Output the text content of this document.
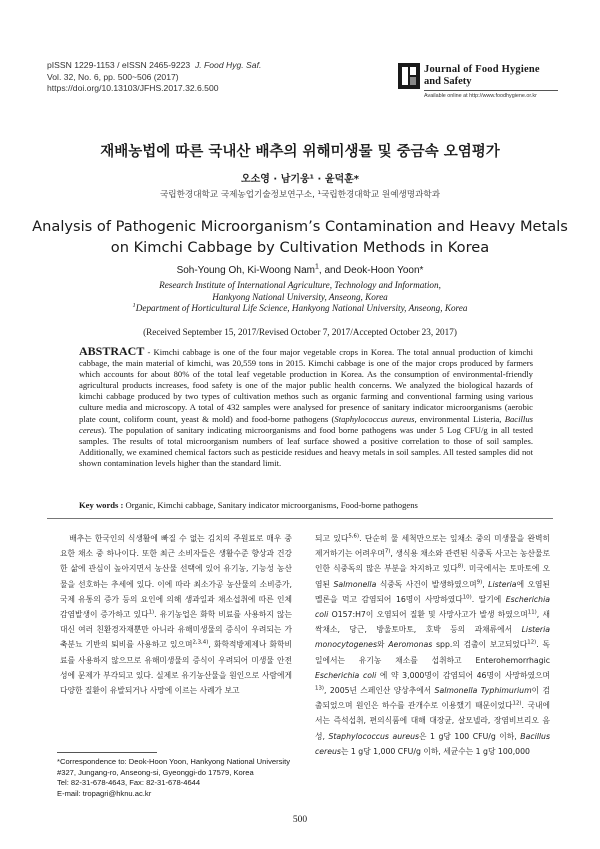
pISSN 1229-1153 / eISSN 2465-9223 J. Food Hyg. Saf.
Vol. 32, No. 6, pp. 500~506 (2017)
https://doi.org/10.13103/JFHS.2017.32.6.500
Journal of Food Hygiene
and Safety
Available online at http://www.foodhygiene.or.kr
재배농법에 따른 국내산 배추의 위해미생물 및 중금속 오염평가
오소영 · 남기웅¹ · 윤덕훈*
국립한경대학교 국제농업기술정보연구소, ¹국립한경대학교 원예생명과학과
Analysis of Pathogenic Microorganism’s Contamination and Heavy Metals on Kimchi Cabbage by Cultivation Methods in Korea
Soh-Young Oh, Ki-Woong Nam$^1$, and Deok-Hoon Yoon*
Research Institute of International Agriculture, Technology and Information,
Hankyong National University, Anseong, Korea
$^1$Department of Horticultural Life Science, Hankyong National University, Anseong, Korea
(Received September 15, 2017/Revised October 7, 2017/Accepted October 23, 2017)
ABSTRACT - Kimchi cabbage is one of the four major vegetable crops in Korea. The total annual production of kimchi cabbage, the main material of kimchi, was 20,559 tons in 2015. Kimchi cabbage is one of the major crops produced by farmers which accounts for about 80% of the total leaf vegetable production in Korea. As the consumption of environmental-friendly agricultural products increases, food safety is one of the major public health concerns. We analyzed the biological hazards of kimchi cabbage produced by two types of cultivation methos such as organic farming and conventional farming using various culture media and microscopy. A total of 432 samples were analysed for presence of sanitary indicator microorganisms (aerobic plate count, coliform count, yeast & mold) and food-borne pathogens (Staphylococcus aureus, environmental Listeria, Bacillus cereus). The population of sanitary indicating microorganisms and food borne pathogens was under 5 Log CFU/g in all tested samples. The results of total microorganism numbers of leaf surface showed a positive correlation to those of soil samples. Additionally, we examined chemical factors such as pesticide residues and heavy metals in soil samples. All tested samples did not shown contamination levels higher than the standard limit.
Key words : Organic, Kimchi cabbage, Sanitary indicator microorganisms, Food-borne pathogens

배추는 한국인의 식생활에 빠질 수 없는 김치의 주원료로 매우 중요한 채소 중 하나이다. 또한 최근 소비자들은 생활수준 향상과 건강한 삶에 관심이 높아지면서 농산물 선택에 있어 유기농, 기능성 농산물을 선호하는 추세에 있다. 이에 따라 최소가공 농산물의 소비증가, 국제 유통의 증가 등의 요인에 의해 생과일과 채소섭취에 따른 인체 감염발생이 증가하고 있다$^{1)}$. 유기농업은 화학 비료를 사용하지 않는 대신 여러 친환경자재뿐만 아니라 유해미생물의 증식이 우려되는 가축분뇨 기반의 퇴비를 사용하고 있으며$^{2,3,4)}$, 화학적방제제나 화학비료를 사용하지 않으므로 유해미생물의 증식이 우려되어 미생물 안전성에 문제가 부각되고 있다. 실제로 유기농산물을 원인으로 사람에게 다양한 질환이 유발되거나 사망에 이르는 사례가 보고

*Correspondence to: Deok-Hoon Yoon, Hankyong National University #327, Jungang-ro, Anseong-si, Gyeonggi-do 17579, Korea
Tel: 82-31-678-4643, Fax: 82-31-678-4644
E-mail: tropagri@hknu.ac.kr

되고 있다$^{5,6)}$. 단순히 물 세척만으로는 잎채소 중의 미생물을 완벽히 제거하기는 어려우며$^{7)}$, 생식용 채소와 관련된 식중독 사고는 농산물로 인한 식중독의 많은 부분을 차지하고 있다$^{8)}$. 미국에서는 토마토에 오염된 Salmonella 식중독 사건이 발생하였으며$^{9)}$, Listeria에 오염된 멜론을 먹고 감염되어 16명이 사망하였다$^{10)}$. 딸기에 Escherichia coli O157:H7이 오염되어 질환 및 사망사고가 발생 하였으며$^{11)}$, 새싹채소, 당근, 방울토마토, 호박 등의 과채류에서 Listeria monocytogenes와 Aeromonas spp.의 검출이 보고되었다$^{12)}$. 독일에서는 유기농 채소를 섭취하고 Enterohemorrhagic Escherichia coli 에 약 3,000명이 감염되어 46명이 사망하였으며$^{13)}$, 2005년 스페인산 양상추에서 Salmonella Typhimurium이 검출되었으며 원인은 하수를 관개수로 이용했기 때문이었다$^{12)}$. 국내에서는 즉석섭취, 편의식품에 대해 대장균, 살모넬라, 장염비브리오 음성, Staphylococcus aureus은 1 g당 100 CFU/g 이하, Bacillus cereus는 1 g당 1,000 CFU/g 이하, 세균수는 1 g당 100,000

500
